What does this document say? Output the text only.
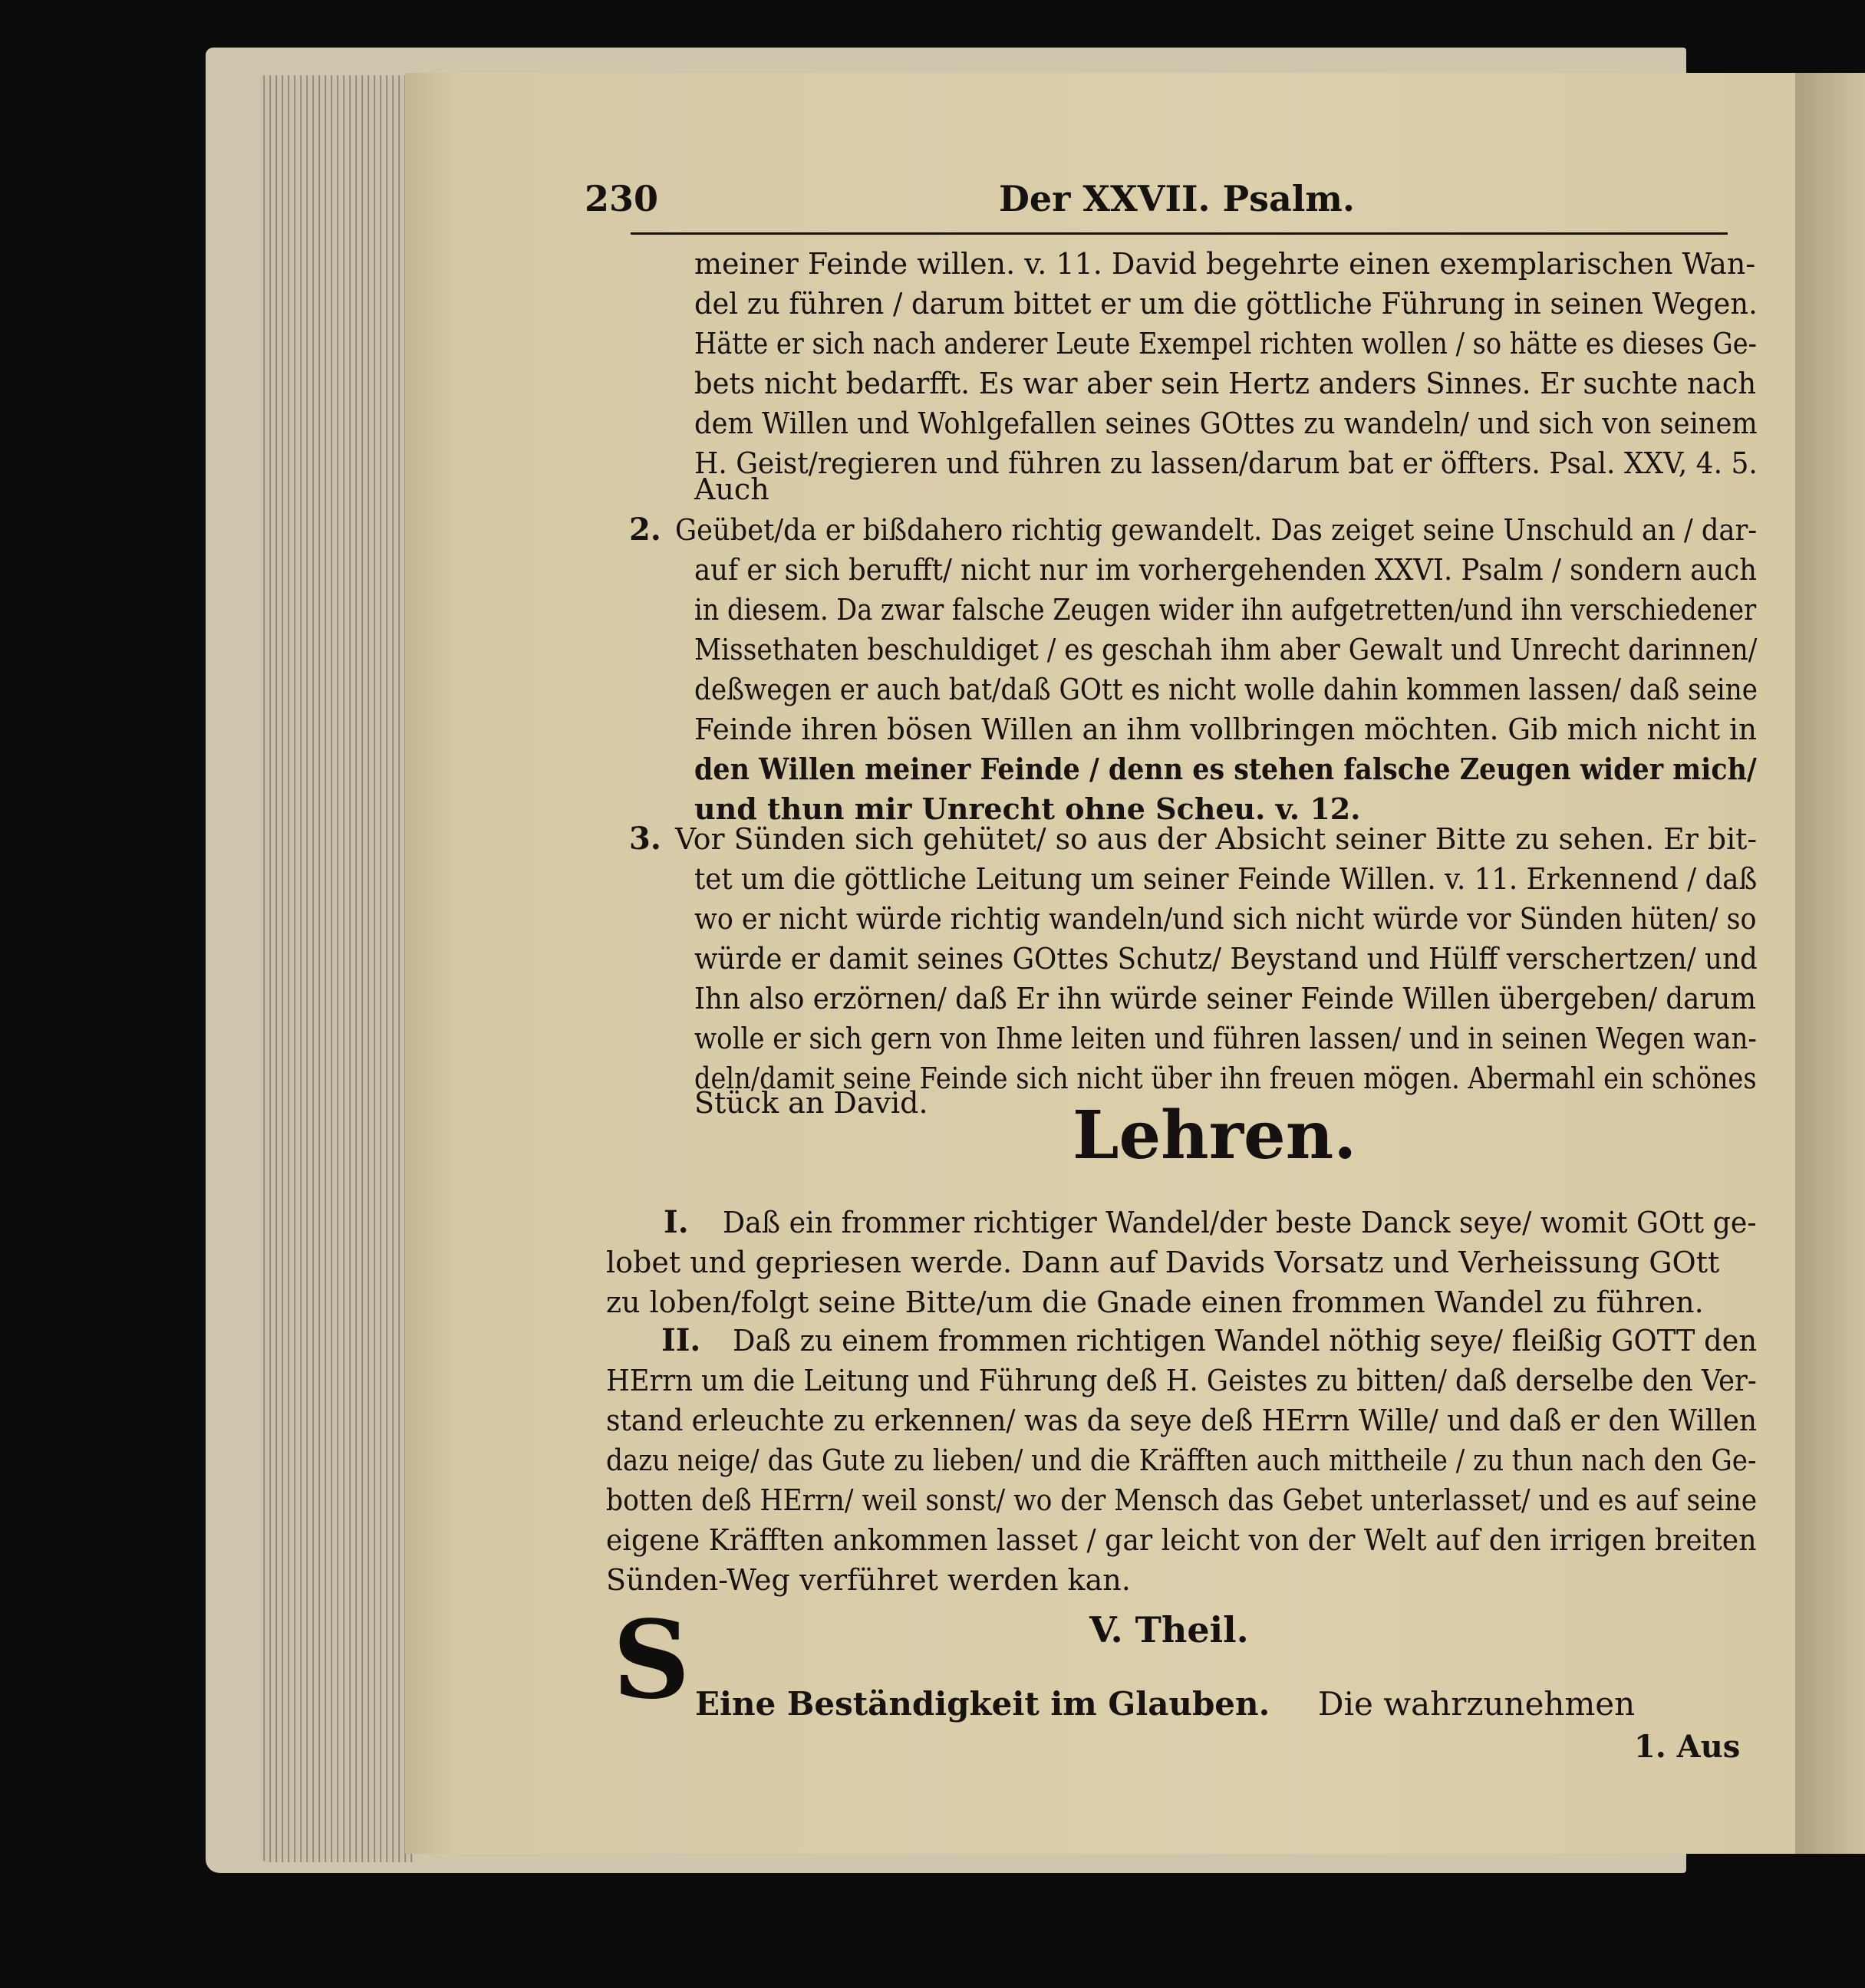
230	Der XXVII. Psalm.
meiner Feinde willen. v. 11. David begehrte einen exemplarischen Wan-
del zu führen / darum bittet er um die göttliche Führung in seinen Wegen.
Hätte er sich nach anderer Leute Exempel richten wollen / so hätte es dieses Ge-
bets nicht bedarfft. Es war aber sein Hertz anders Sinnes. Er suchte nach
dem Willen und Wohlgefallen seines GOttes zu wandeln/ und sich von seinem
H. Geist/regieren und führen zu lassen/darum bat er öffters. Psal. XXV, 4. 5.
Auch
2. Geübet/da er bißdahero richtig gewandelt. Das zeiget seine Unschuld an / dar-
auf er sich berufft/ nicht nur im vorhergehenden XXVI. Psalm / sondern auch
in diesem. Da zwar falsche Zeugen wider ihn aufgetretten/und ihn verschiedener
Missethaten beschuldiget / es geschah ihm aber Gewalt und Unrecht darinnen/
deßwegen er auch bat/daß GOtt es nicht wolle dahin kommen lassen/ daß seine
Feinde ihren bösen Willen an ihm vollbringen möchten. Gib mich nicht in
den Willen meiner Feinde / denn es stehen falsche Zeugen wider mich/
und thun mir Unrecht ohne Scheu. v. 12.
3. Vor Sünden sich gehütet/ so aus der Absicht seiner Bitte zu sehen. Er bit-
tet um die göttliche Leitung um seiner Feinde Willen. v. 11. Erkennend / daß
wo er nicht würde richtig wandeln/und sich nicht würde vor Sünden hüten/ so
würde er damit seines GOttes Schutz/ Beystand und Hülff verschertzen/ und
Ihn also erzörnen/ daß Er ihn würde seiner Feinde Willen übergeben/ darum
wolle er sich gern von Ihme leiten und führen lassen/ und in seinen Wegen wan-
deln/damit seine Feinde sich nicht über ihn freuen mögen. Abermahl ein schönes
Stück an David. Lehren.
I. Daß ein frommer richtiger Wandel/der beste Danck seye/ womit GOtt ge-
lobet und gepriesen werde. Dann auf Davids Vorsatz und Verheissung GOtt
zu loben/folgt seine Bitte/um die Gnade einen frommen Wandel zu führen.
II. Daß zu einem frommen richtigen Wandel nöthig seye/ fleißig GOTT den
HErrn um die Leitung und Führung deß H. Geistes zu bitten/ daß derselbe den Ver-
stand erleuchte zu erkennen/ was da seye deß HErrn Wille/ und daß er den Willen
dazu neige/ das Gute zu lieben/ und die Kräfften auch mittheile / zu thun nach den Ge-
botten deß HErrn/ weil sonst/ wo der Mensch das Gebet unterlasset/ und es auf seine
eigene Kräfften ankommen lasset / gar leicht von der Welt auf den irrigen breiten
Sünden-Weg verführet werden kan.
V. Theil.
S Eine Beständigkeit im Glauben. Die wahrzunehmen
1. Aus
